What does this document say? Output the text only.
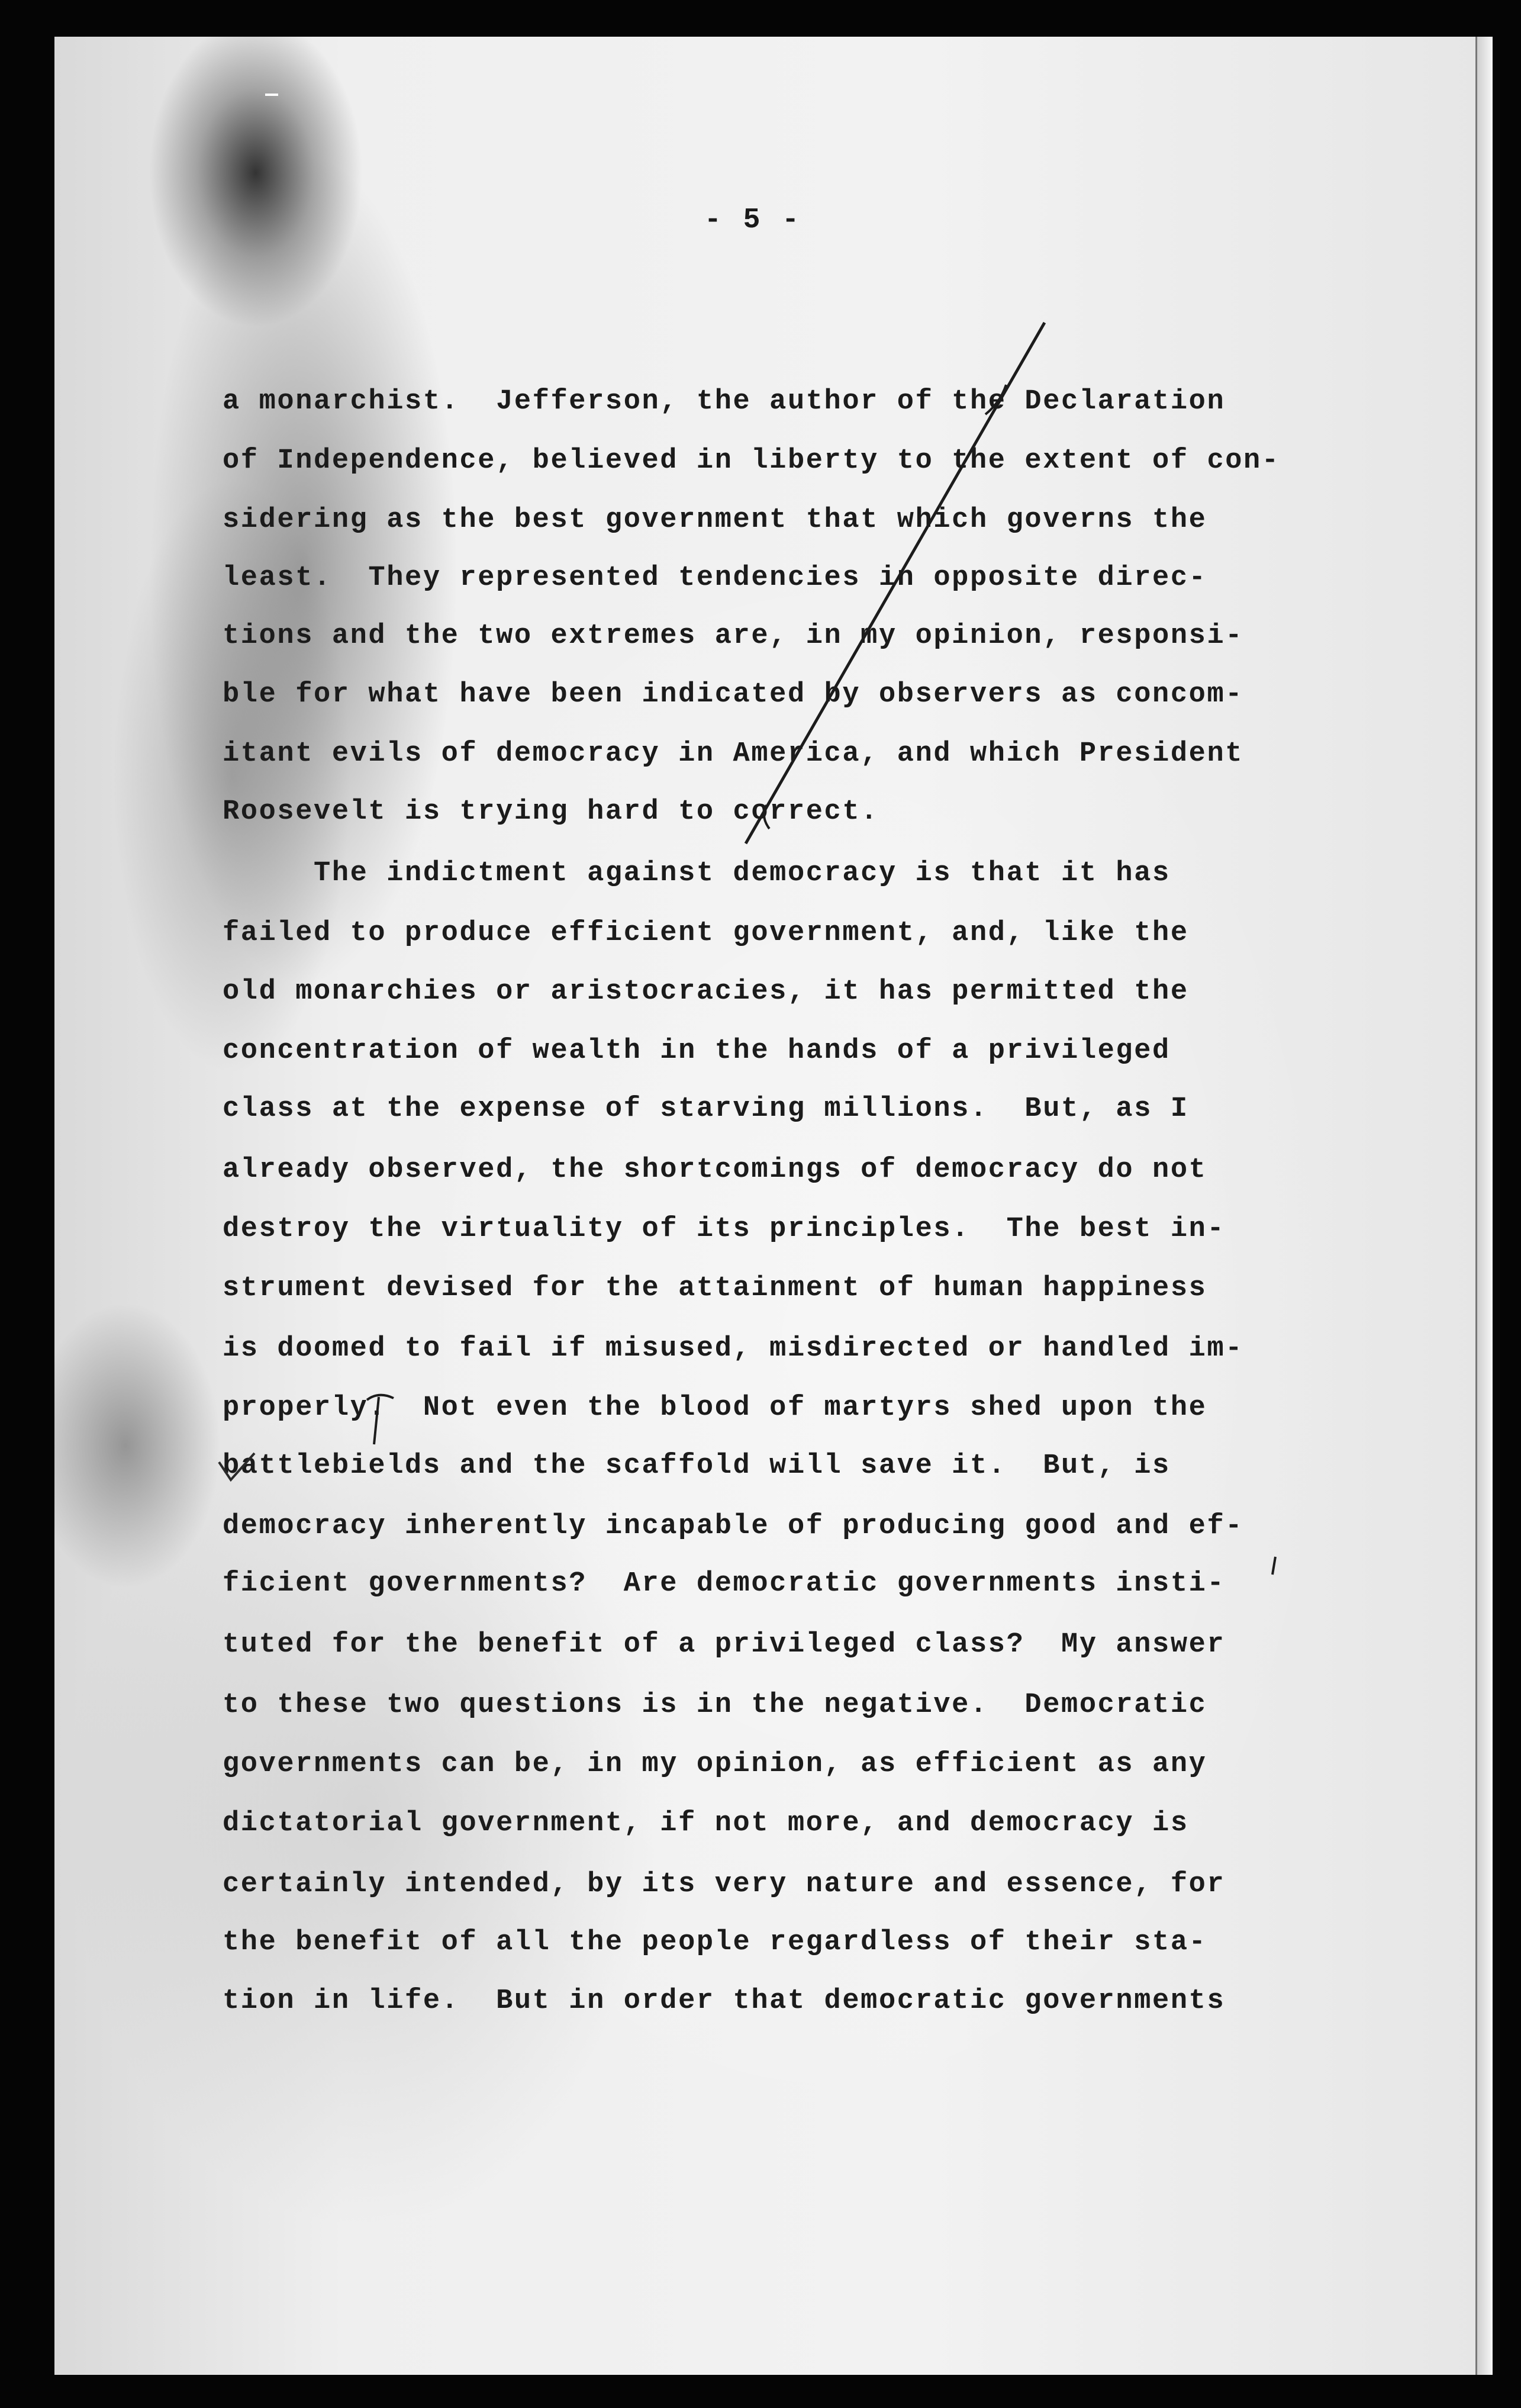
- 5 -
a monarchist.  Jefferson, the author of the Declaration
of Independence, believed in liberty to the extent of con-
sidering as the best government that which governs the
least.  They represented tendencies in opposite direc-
tions and the two extremes are, in my opinion, responsi-
ble for what have been indicated by observers as concom-
itant evils of democracy in America, and which President
Roosevelt is trying hard to correct.
The indictment against democracy is that it has
failed to produce efficient government, and, like the
old monarchies or aristocracies, it has permitted the
concentration of wealth in the hands of a privileged
class at the expense of starving millions.  But, as I
already observed, the shortcomings of democracy do not
destroy the virtuality of its principles.  The best in-
strument devised for the attainment of human happiness
is doomed to fail if misused, misdirected or handled im-
properly.  Not even the blood of martyrs shed upon the
battlebields and the scaffold will save it.  But, is
democracy inherently incapable of producing good and ef-
ficient governments?  Are democratic governments insti-
tuted for the benefit of a privileged class?  My answer
to these two questions is in the negative.  Democratic
governments can be, in my opinion, as efficient as any
dictatorial government, if not more, and democracy is
certainly intended, by its very nature and essence, for
the benefit of all the people regardless of their sta-
tion in life.  But in order that democratic governments
